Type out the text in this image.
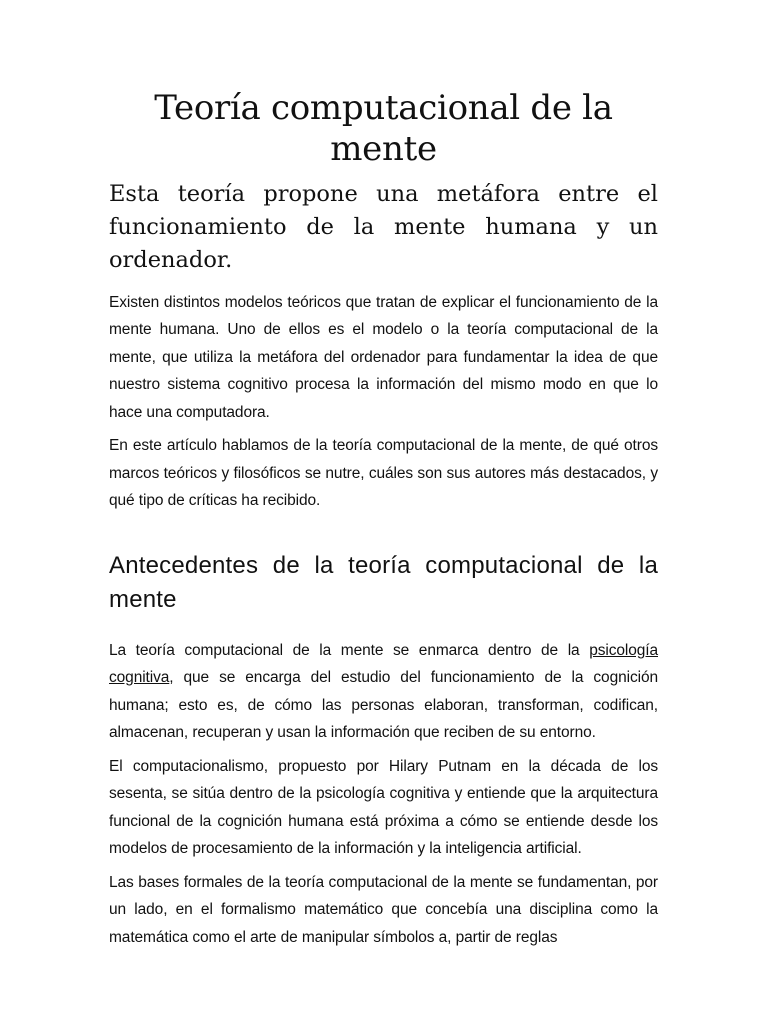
Teoría computacional de la mente

Esta teoría propone una metáfora entre el funcionamiento de la mente humana y un ordenador.

Existen distintos modelos teóricos que tratan de explicar el funcionamiento de la mente humana. Uno de ellos es el modelo o la teoría computacional de la mente, que utiliza la metáfora del ordenador para fundamentar la idea de que nuestro sistema cognitivo procesa la información del mismo modo en que lo hace una computadora.

En este artículo hablamos de la teoría computacional de la mente, de qué otros marcos teóricos y filosóficos se nutre, cuáles son sus autores más destacados, y qué tipo de críticas ha recibido.

Antecedentes de la teoría computacional de la mente

La teoría computacional de la mente se enmarca dentro de la psicología cognitiva, que se encarga del estudio del funcionamiento de la cognición humana; esto es, de cómo las personas elaboran, transforman, codifican, almacenan, recuperan y usan la información que reciben de su entorno.

El computacionalismo, propuesto por Hilary Putnam en la década de los sesenta, se sitúa dentro de la psicología cognitiva y entiende que la arquitectura funcional de la cognición humana está próxima a cómo se entiende desde los modelos de procesamiento de la información y la inteligencia artificial.

Las bases formales de la teoría computacional de la mente se fundamentan, por un lado, en el formalismo matemático que concebía una disciplina como la matemática como el arte de manipular símbolos a, partir de reglas
